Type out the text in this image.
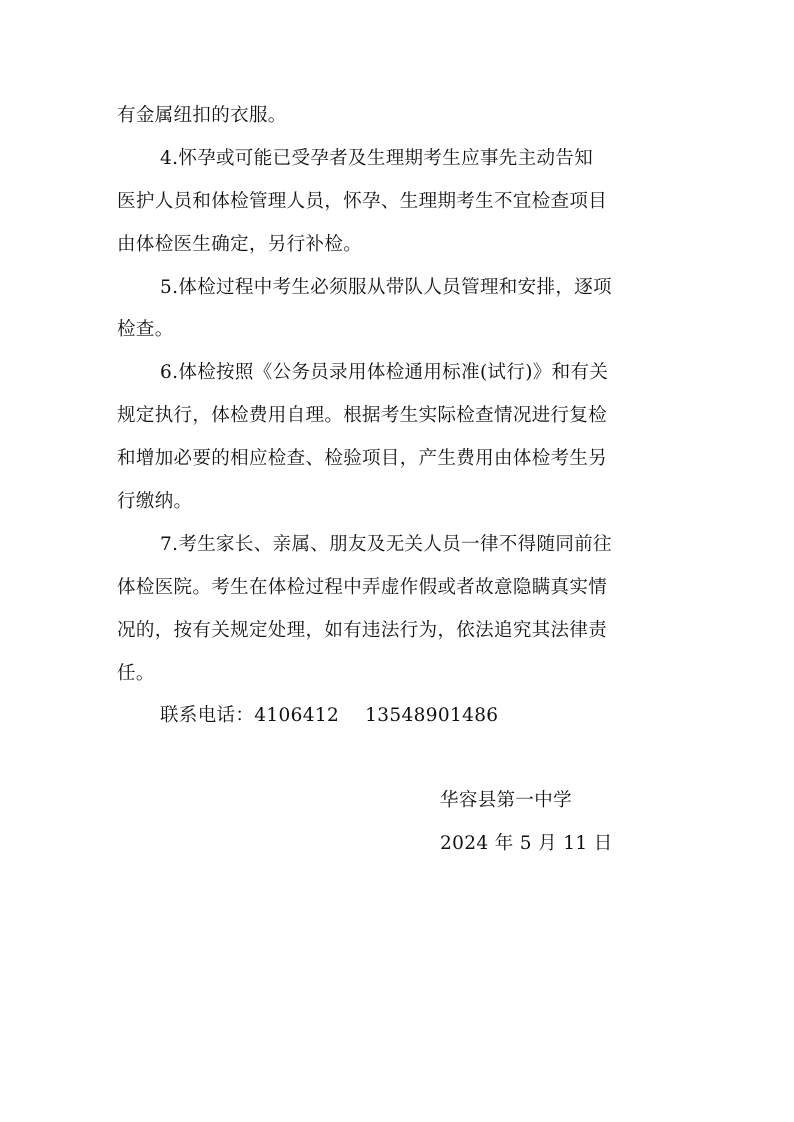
有金属纽扣的衣服。
4.怀孕或可能已受孕者及生理期考生应事先主动告知
医护人员和体检管理人员，怀孕、生理期考生不宜检查项目
由体检医生确定，另行补检。
5.体检过程中考生必须服从带队人员管理和安排，逐项
检查。
6.体检按照《公务员录用体检通用标准(试行)》和有关
规定执行，体检费用自理。根据考生实际检查情况进行复检
和增加必要的相应检查、检验项目，产生费用由体检考生另
行缴纳。
7.考生家长、亲属、朋友及无关人员一律不得随同前往
体检医院。考生在体检过程中弄虚作假或者故意隐瞒真实情
况的，按有关规定处理，如有违法行为，依法追究其法律责
任。
联系电话：4106412 13548901486
华容县第一中学
2024 年 5 月 11 日
